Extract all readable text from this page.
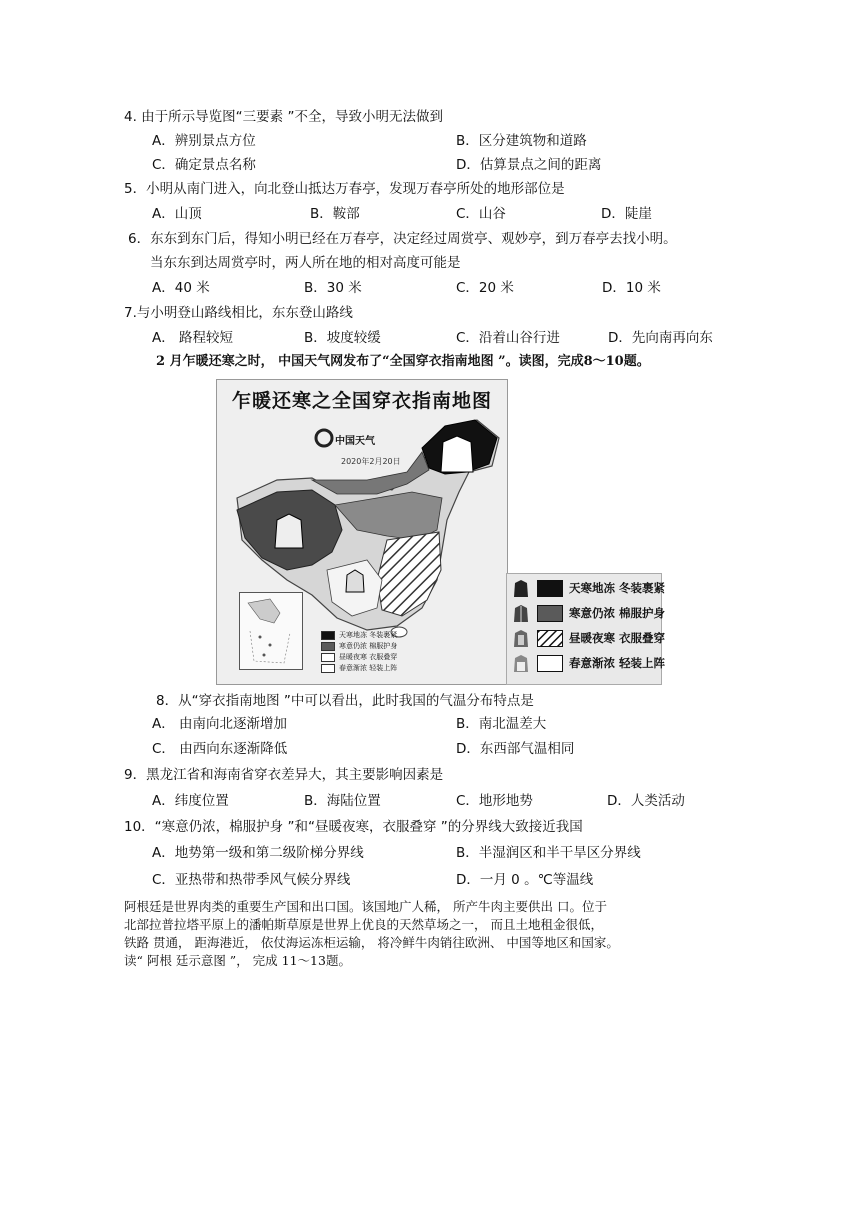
4. 由于所示导览图“三要素 ”不全，导致小明无法做到
A．辨别景点方位	B．区分建筑物和道路
C．确定景点名称	D．估算景点之间的距离
5．小明从南门进入，向北登山抵达万春亭，发现万春亭所处的地形部位是
A．山顶	B．鞍部	C．山谷	D．陡崖
6．东东到东门后，得知小明已经在万春亭，决定经过周赏亭、观妙亭，到万春亭去找小明。
当东东到达周赏亭时，两人所在地的相对高度可能是
A．40 米	B．30 米	C．20 米	D．10 米
7.与小明登山路线相比，东东登山路线
A． 路程较短	B．坡度较缓	C．沿着山谷行进	D．先向南再向东
2 月乍暖还寒之时， 中国天气网发布了“全国穿衣指南地图 ”。读图，完成8～10题。
乍暖还寒之全国穿衣指南地图
中国天气
2020年2月20日
天寒地冻 冬装裹紧
寒意仍浓 棉服护身
昼暖夜寒 衣服叠穿
春意渐浓 轻装上阵
天寒地冻 冬装裹紧
寒意仍浓 棉服护身
昼暖夜寒 衣服叠穿
春意渐浓 轻装上阵
8．从“穿衣指南地图 ”中可以看出，此时我国的气温分布特点是
A． 由南向北逐渐增加	B．南北温差大
C． 由西向东逐渐降低	D．东西部气温相同
9．黑龙江省和海南省穿衣差异大，其主要影响因素是
A．纬度位置	B．海陆位置	C．地形地势	D．人类活动
10．“寒意仍浓，棉服护身 ”和“昼暖夜寒，衣服叠穿 ”的分界线大致接近我国
A．地势第一级和第二级阶梯分界线	B．半湿润区和半干旱区分界线
C．亚热带和热带季风气候分界线	D．一月 0 。℃等温线
阿根廷是世界肉类的重要生产国和出口国。该国地广人稀， 所产牛肉主要供出 口。位于
北部拉普拉塔平原上的潘帕斯草原是世界上优良的天然草场之一， 而且土地租金很低，
铁路 贯通， 距海港近， 依仗海运冻柜运输， 将冷鲜牛肉销往欧洲、 中国等地区和国家。
读“ 阿根 廷示意图 ”， 完成 11～13题。
